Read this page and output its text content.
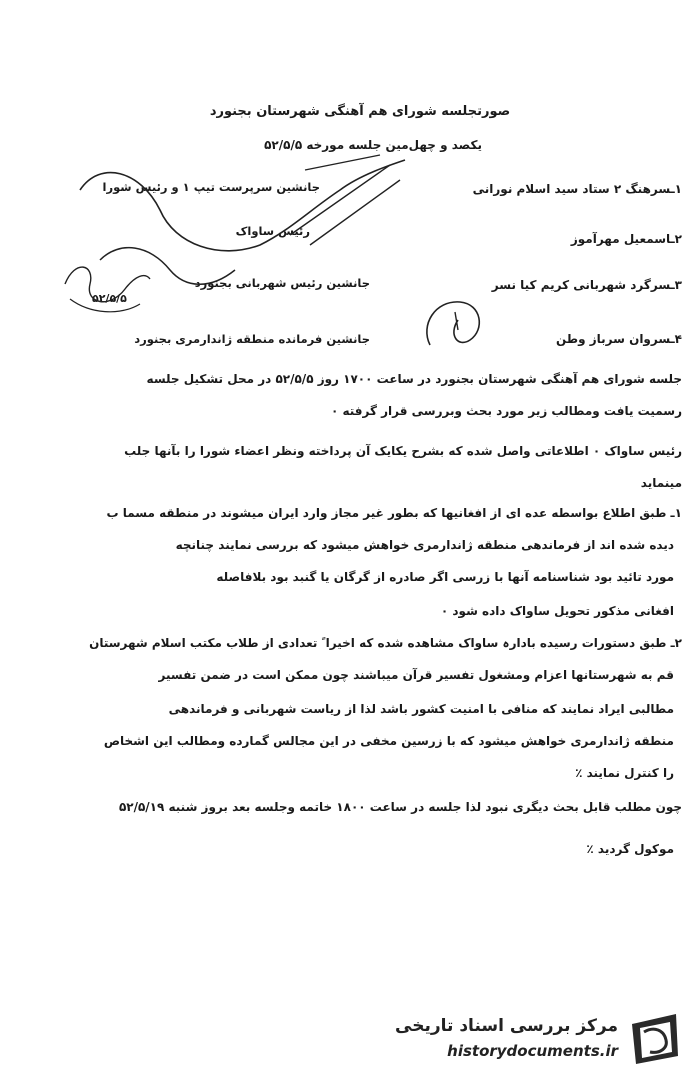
صورتجلسه شورای هم آهنگی شهرستان بجنورد
یکصد و چهل‌مین جلسه مورخه ۵۲/۵/۵
۱ـسرهنگ ۲ ستاد سید اسلام نورانی
جانشین سرپرست تیپ ۱ و رئیس شورا
۲ـاسمعیل مهرآموز
رئیس ساواک
۳ـسرگرد شهربانی کریم کیا نسر
جانشین رئیس شهربانی بجنورد
۵۲/۵/۵
۴ـسروان سرباز وطن
جانشین فرمانده منطقه ژاندارمری بجنورد
جلسه شورای هم آهنگی شهرستان بجنورد در ساعت ۱۷۰۰ روز ۵۲/۵/۵ در محل تشکیل جلسه
رسمیت یافت ومطالب زیر مورد بحث وبررسی قرار گرفته ۰
رئیس ساواک ۰ اطلاعاتی واصل شده که بشرح یکایک آن پرداخته ونظر اعضاء شورا را بآنها جلب
مینماید
۱ـ طبق اطلاع بواسطه عده ای از افغانیها که بطور غیر مجاز وارد ایران میشوند در منطقه مسما ب
دیده شده اند از فرماندهی منطقه ژاندارمری خواهش میشود که بررسی نمایند چنانچه
مورد تائید بود شناسنامه آنها با زرسی اگر صادره از گرگان یا گنبد بود بلافاصله
افغانی مذکور تحویل ساواک داده شود ۰
۲ـ طبق دستورات رسیده بادارہ ساواک مشاهده شده که اخیرا ً تعدادی از طلاب مکتب اسلام شهرستان
قم به شهرستانها اعزام ومشغول تفسیر قرآن میباشند چون ممکن است در ضمن تفسیر
مطالبی ایراد نمایند که منافی با امنیت کشور باشد لذا از ریاست شهربانی و فرماندهی
منطقه ژاندارمری خواهش میشود که با زرسین مخفی در این مجالس گمارده ومطالب این اشخاص
را کنترل نمایند ٪
چون مطلب قابل بحث دیگری نبود لذا جلسه در ساعت ۱۸۰۰ خاتمه وجلسه بعد بروز شنبه ۵۲/۵/۱۹
موکول گردید ٪
مرکز بررسی اسناد تاریخی
historydocuments.ir
